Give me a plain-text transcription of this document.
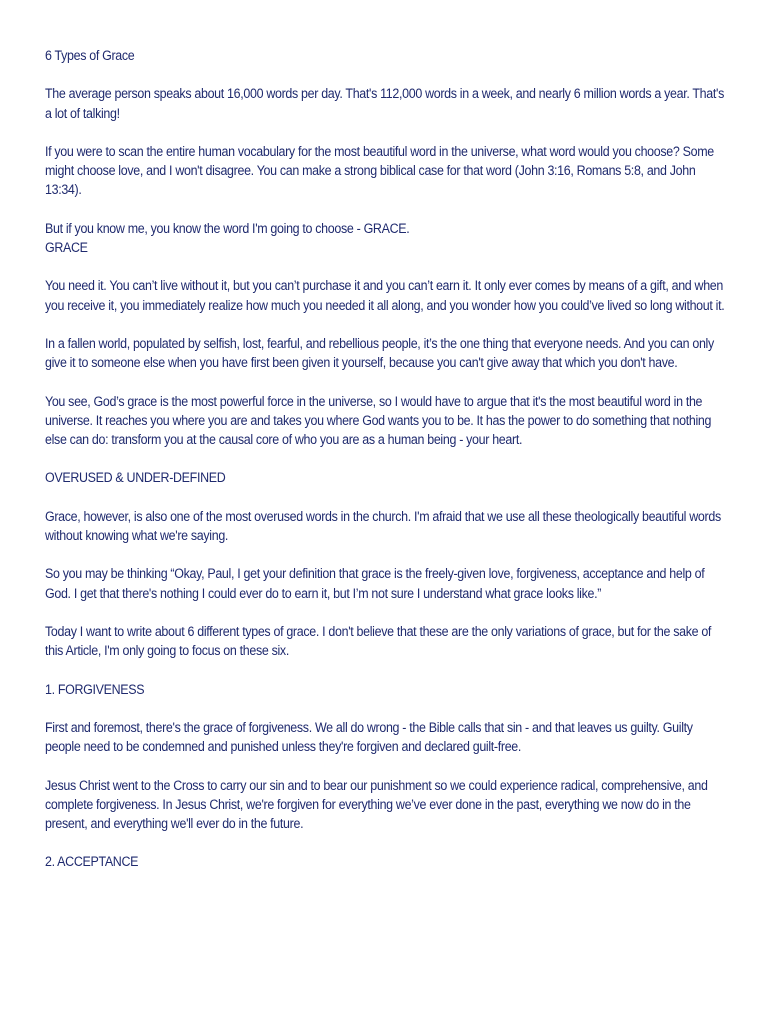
6 Types of Grace

The average person speaks about 16,000 words per day. That's 112,000 words in a week, and nearly 6 million words a year. That's a lot of talking!

If you were to scan the entire human vocabulary for the most beautiful word in the universe, what word would you choose? Some might choose love, and I won't disagree. You can make a strong biblical case for that word (John 3:16, Romans 5:8, and John 13:34).

But if you know me, you know the word I'm going to choose - GRACE.

GRACE

You need it. You can’t live without it, but you can’t purchase it and you can’t earn it. It only ever comes by means of a gift, and when you receive it, you immediately realize how much you needed it all along, and you wonder how you could’ve lived so long without it.

In a fallen world, populated by selfish, lost, fearful, and rebellious people, it’s the one thing that everyone needs. And you can only give it to someone else when you have first been given it yourself, because you can't give away that which you don't have.

You see, God’s grace is the most powerful force in the universe, so I would have to argue that it's the most beautiful word in the universe. It reaches you where you are and takes you where God wants you to be. It has the power to do something that nothing else can do: transform you at the causal core of who you are as a human being - your heart.

OVERUSED & UNDER-DEFINED

Grace, however, is also one of the most overused words in the church. I'm afraid that we use all these theologically beautiful words without knowing what we're saying.

So you may be thinking “Okay, Paul, I get your definition that grace is the freely-given love, forgiveness, acceptance and help of God. I get that there's nothing I could ever do to earn it, but I’m not sure I understand what grace looks like.”

Today I want to write about 6 different types of grace. I don't believe that these are the only variations of grace, but for the sake of this Article, I'm only going to focus on these six.

1. FORGIVENESS

First and foremost, there's the grace of forgiveness. We all do wrong - the Bible calls that sin - and that leaves us guilty. Guilty people need to be condemned and punished unless they're forgiven and declared guilt-free.

Jesus Christ went to the Cross to carry our sin and to bear our punishment so we could experience radical, comprehensive, and complete forgiveness. In Jesus Christ, we're forgiven for everything we’ve ever done in the past, everything we now do in the present, and everything we'll ever do in the future.

2. ACCEPTANCE
